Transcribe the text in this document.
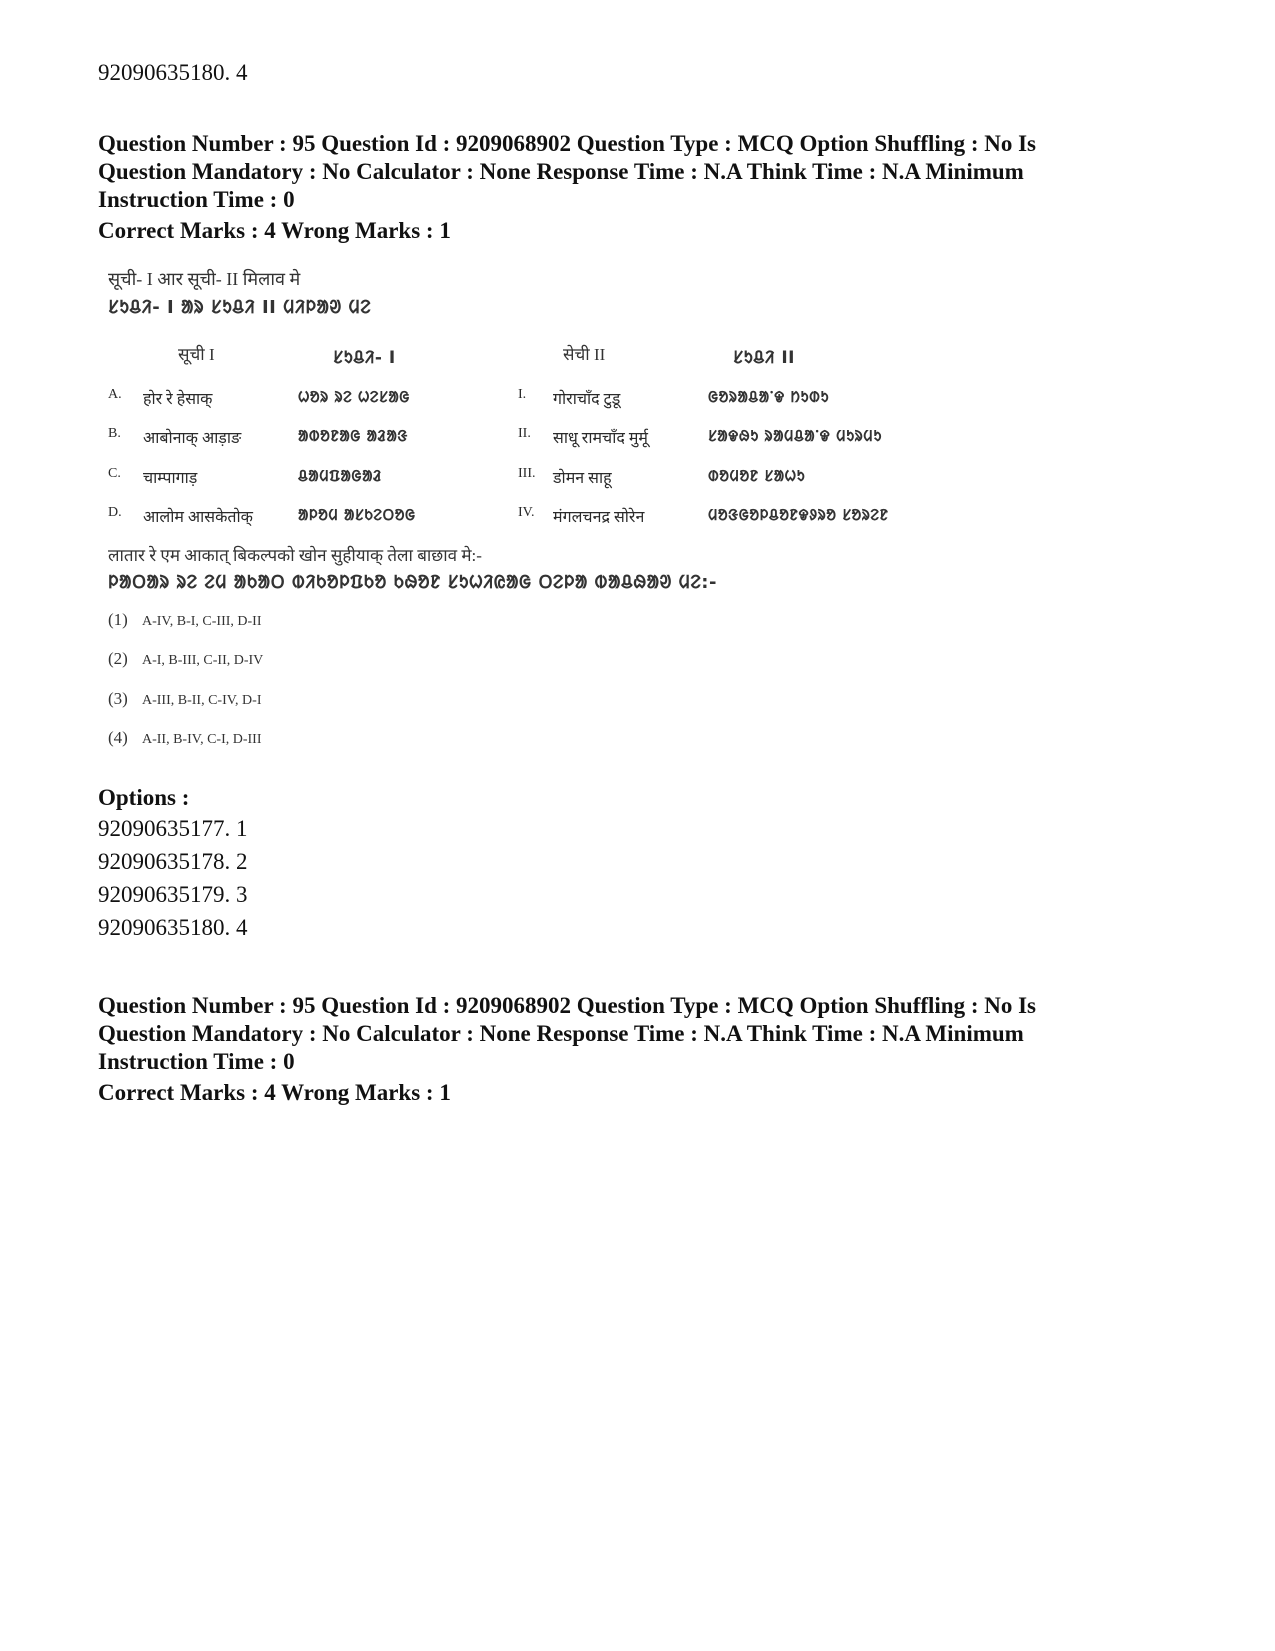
92090635180. 4
Question Number : 95 Question Id : 9209068902 Question Type : MCQ Option Shuffling : No Is
Question Mandatory : No Calculator : None Response Time : N.A Think Time : N.A Minimum
Instruction Time : 0
Correct Marks : 4 Wrong Marks : 1
सूची- I आर सूची- II मिलाव मे
ᱥᱩᱪᱤ- I ᱟᱨ ᱥᱩᱪᱤ II ᱢᱤᱞᱟᱣ ᱢᱮ
सूची I	ᱥᱩᱪᱤ- I	सेची II	ᱥᱩᱪᱤ II
A. होर रे हेसाक्	ᱦᱚᱨ ᱨᱮ ᱦᱮᱥᱟᱜ	I. गोराचाँद टुडू	ᱜᱚᱨᱟᱪᱟᱸᱫ ᱴᱩᱰᱩ
B. आबोनाक् आड़ाङ	ᱟᱵᱚᱱᱟᱜ ᱟᱲᱟᱝ	II. साधू रामचाँद मुर्मू	ᱥᱟᱫᱷᱩ ᱨᱟᱢᱪᱟᱸᱫ ᱢᱩᱨᱢᱩ
C. चाम्पागाड़	ᱪᱟᱢᱯᱟᱜᱟᱲ	III. डोमन साहू	ᱰᱚᱢᱚᱱ ᱥᱟᱦᱩ
D. आलोम आसकेतोक्	ᱟᱞᱚᱢ ᱟᱥᱠᱮᱛᱚᱜ	IV. मंगलचनद्र सोरेन	ᱢᱚᱝᱜᱚᱞᱪᱚᱱᱫᱽᱨᱚ ᱥᱚᱨᱮᱱ
लातार रे एम आकात् बिकल्पको खोन सुहीयाक् तेला बाछाव मे:-
ᱞᱟᱛᱟᱨ ᱨᱮ ᱮᱢ ᱟᱠᱟᱛ ᱵᱤᱠᱚᱞᱯᱠᱚ ᱠᱷᱚᱱ ᱥᱩᱦᱤᱭᱟᱜ ᱛᱮᱞᱟ ᱵᱟᱪᱷᱟᱣ ᱢᱮ:-
(1) A-IV, B-I, C-III, D-II
(2) A-I, B-III, C-II, D-IV
(3) A-III, B-II, C-IV, D-I
(4) A-II, B-IV, C-I, D-III
Options :
92090635177. 1
92090635178. 2
92090635179. 3
92090635180. 4
Question Number : 95 Question Id : 9209068902 Question Type : MCQ Option Shuffling : No Is
Question Mandatory : No Calculator : None Response Time : N.A Think Time : N.A Minimum
Instruction Time : 0
Correct Marks : 4 Wrong Marks : 1
